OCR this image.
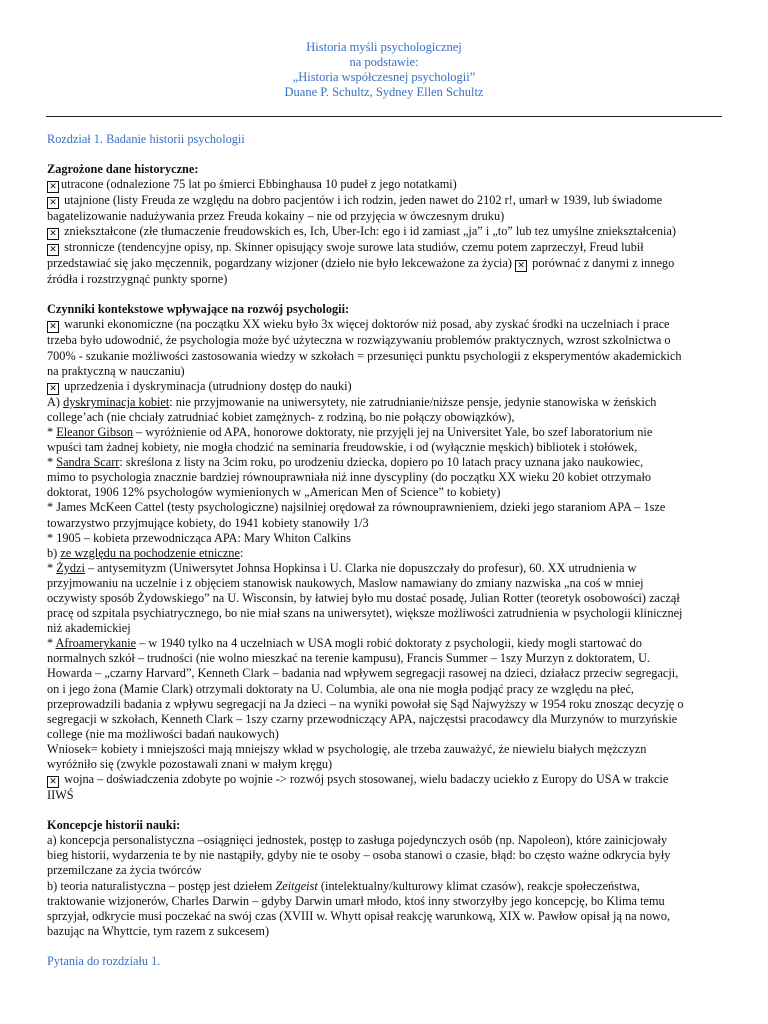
Historia myśli psychologicznej
na podstawie:
„Historia współczesnej psychologii”
Duane P. Schultz, Sydney Ellen Schultz

Rozdział 1. Badanie historii psychologii

Zagrożone dane historyczne:

✕ utracone (odnalezione 75 lat po śmierci Ebbinghausa 10 pudeł z jego notatkami)

✕ utajnione (listy Freuda ze względu na dobro pacjentów i ich rodzin, jeden nawet do 2102 r!, umarł w 1939, lub świadome

bagatelizowanie nadużywania przez Freuda kokainy – nie od przyjęcia w ówczesnym druku)

✕ zniekształcone (złe tłumaczenie freudowskich es, Ich, Uber-Ich: ego i id zamiast „ja” i „to” lub tez umyślne zniekształcenia)

✕ stronnicze (tendencyjne opisy, np. Skinner opisujący swoje surowe lata studiów, czemu potem zaprzeczył, Freud lubił

przedstawiać się jako męczennik, pogardzany wizjoner (dzieło nie było lekceważone za życia) ✕ porównać z danymi z innego

źródła i rozstrzygnąć punkty sporne)

Czynniki kontekstowe wpływające na rozwój psychologii:

✕ warunki ekonomiczne (na początku XX wieku było 3x więcej doktorów niż posad, aby zyskać środki na uczelniach i prace

trzeba było udowodnić, że psychologia może być użyteczna w rozwiązywaniu problemów praktycznych, wzrost szkolnictwa o

700% - szukanie możliwości zastosowania wiedzy w szkołach = przesunięci punktu psychologii z eksperymentów akademickich

na praktyczną w nauczaniu)

✕ uprzedzenia i dyskryminacja (utrudniony dostęp do nauki)

A) dyskryminacja kobiet: nie przyjmowanie na uniwersytety, nie zatrudnianie/niższe pensje, jedynie stanowiska w żeńskich

college’ach (nie chciały zatrudniać kobiet zamężnych- z rodziną, bo nie połączy obowiązków),

* Eleanor Gibson – wyróżnienie od APA, honorowe doktoraty, nie przyjęli jej na Universitet Yale, bo szef laboratorium nie

wpuści tam żadnej kobiety, nie mogła chodzić na seminaria freudowskie, i od (wyłącznie męskich) bibliotek i stołówek,

* Sandra Scarr: skreślona z listy na 3cim roku, po urodzeniu dziecka, dopiero po 10 latach pracy uznana jako naukowiec,

mimo to psychologia znacznie bardziej równouprawniała niż inne dyscypliny (do początku XX wieku 20 kobiet otrzymało

doktorat, 1906 12% psychologów wymienionych w „American Men of Science” to kobiety)

* James McKeen Cattel (testy psychologiczne) najsilniej orędował za równouprawnieniem, dzieki jego staraniom APA – 1sze

towarzystwo przyjmujące kobiety, do 1941 kobiety stanowiły 1/3

* 1905 – kobieta przewodnicząca APA: Mary Whiton Calkins

b) ze względu na pochodzenie etniczne:

* Żydzi – antysemityzm (Uniwersytet Johnsa Hopkinsa i U. Clarka nie dopuszczały do profesur), 60. XX utrudnienia w

przyjmowaniu na uczelnie i z objęciem stanowisk naukowych, Maslow namawiany do zmiany nazwiska „na coś w mniej

oczywisty sposób Żydowskiego” na U. Wisconsin, by łatwiej było mu dostać posadę, Julian Rotter (teoretyk osobowości) zaczął

pracę od szpitala psychiatrycznego, bo nie miał szans na uniwersytet), większe możliwości zatrudnienia w psychologii klinicznej

niż akademickiej

* Afroamerykanie – w 1940 tylko na 4 uczelniach w USA mogli robić doktoraty z psychologii, kiedy mogli startować do

normalnych szkół – trudności (nie wolno mieszkać na terenie kampusu), Francis Summer – 1szy Murzyn z doktoratem, U.

Howarda – „czarny Harvard”, Kenneth Clark – badania nad wpływem segregacji rasowej na dzieci, działacz przeciw segregacji,

on i jego żona (Mamie Clark) otrzymali doktoraty na U. Columbia, ale ona nie mogła podjąć pracy ze względu na płeć,

przeprowadzili badania z wpływu segregacji na Ja dzieci – na wyniki powołał się Sąd Najwyższy w 1954 roku znosząc decyzję o

segregacji w szkołach, Kenneth Clark – 1szy czarny przewodniczący APA, najczęstsi pracodawcy dla Murzynów to murzyńskie

college (nie ma możliwości badań naukowych)

Wniosek= kobiety i mniejszości mają mniejszy wkład w psychologię, ale trzeba zauważyć, że niewielu białych mężczyzn

wyróżniło się (zwykle pozostawali znani w małym kręgu)

✕ wojna – doświadczenia zdobyte po wojnie -> rozwój psych stosowanej, wielu badaczy uciekło z Europy do USA w trakcie

IIWŚ

Koncepcje historii nauki:

a) koncepcja personalistyczna –osiągnięci jednostek, postęp to zasługa pojedynczych osób (np. Napoleon), które zainicjowały

bieg historii, wydarzenia te by nie nastąpiły, gdyby nie te osoby – osoba stanowi o czasie, błąd: bo często ważne odkrycia były

przemilczane za życia twórców

b) teoria naturalistyczna – postęp jest dziełem Zeitgeist (intelektualny/kulturowy klimat czasów), reakcje społeczeństwa,

traktowanie wizjonerów, Charles Darwin – gdyby Darwin umarł młodo, ktoś inny stworzyłby jego koncepcję, bo Klima temu

sprzyjał, odkrycie musi poczekać na swój czas (XVIII w. Whytt opisał reakcję warunkową, XIX w. Pawłow opisał ją na nowo,

bazując na Whyttcie, tym razem z sukcesem)

Pytania do rozdziału 1.
